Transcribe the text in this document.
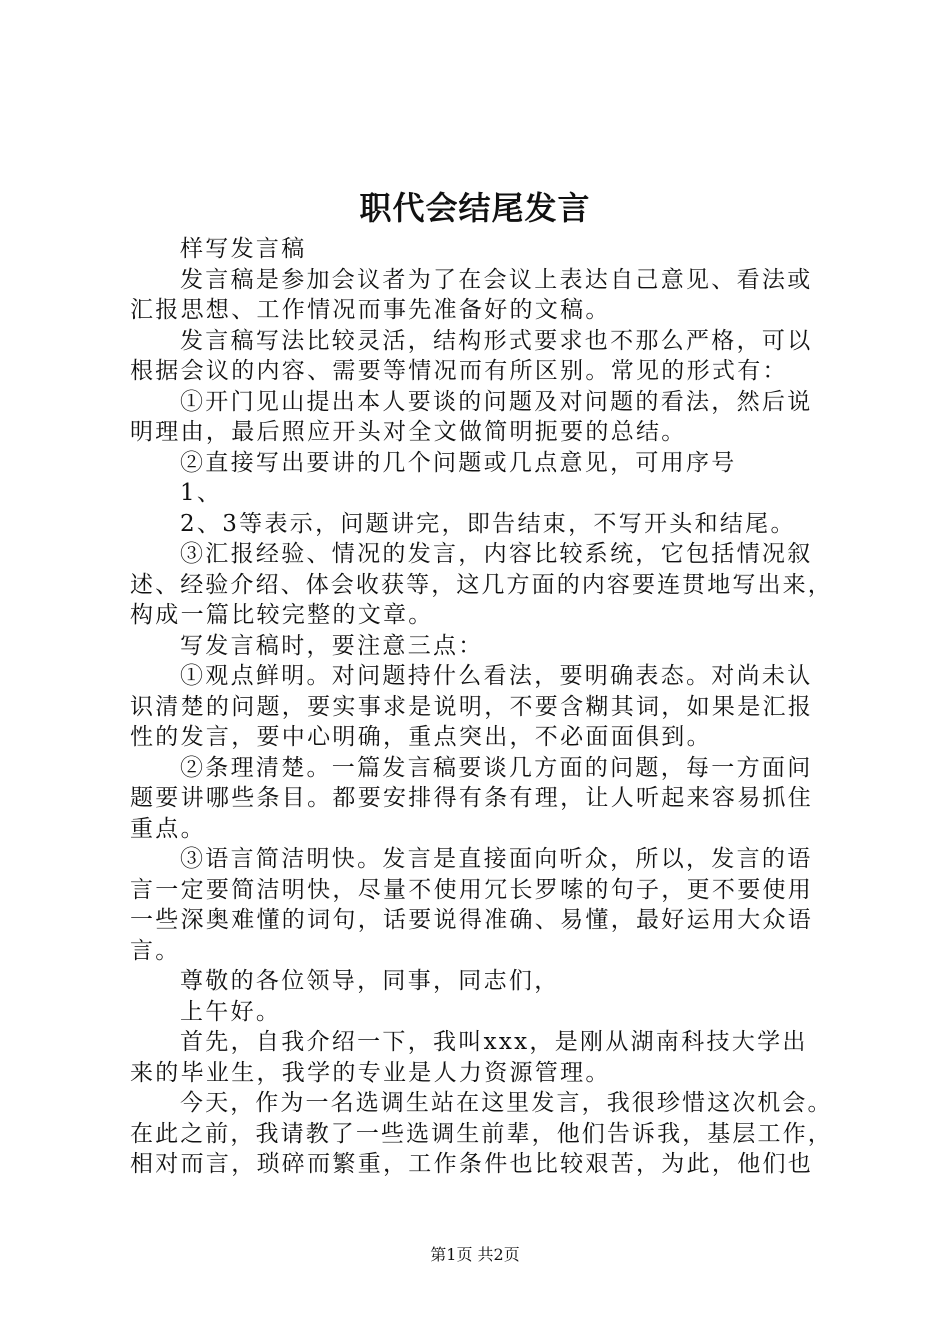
职代会结尾发言
样写发言稿
发言稿是参加会议者为了在会议上表达自己意见、看法或
汇报思想、工作情况而事先准备好的文稿。
发言稿写法比较灵活，结构形式要求也不那么严格，可以
根据会议的内容、需要等情况而有所区别。常见的形式有：
①开门见山提出本人要谈的问题及对问题的看法，然后说
明理由，最后照应开头对全文做简明扼要的总结。
②直接写出要讲的几个问题或几点意见，可用序号
1、
2、3等表示，问题讲完，即告结束，不写开头和结尾。
③汇报经验、情况的发言，内容比较系统，它包括情况叙
述、经验介绍、体会收获等，这几方面的内容要连贯地写出来，
构成一篇比较完整的文章。
写发言稿时，要注意三点：
①观点鲜明。对问题持什么看法，要明确表态。对尚未认
识清楚的问题，要实事求是说明，不要含糊其词，如果是汇报
性的发言，要中心明确，重点突出，不必面面俱到。
②条理清楚。一篇发言稿要谈几方面的问题，每一方面问
题要讲哪些条目。都要安排得有条有理，让人听起来容易抓住
重点。
③语言简洁明快。发言是直接面向听众，所以，发言的语
言一定要简洁明快，尽量不使用冗长罗嗦的句子，更不要使用
一些深奥难懂的词句，话要说得准确、易懂，最好运用大众语
言。
尊敬的各位领导，同事，同志们，
上午好。
首先，自我介绍一下，我叫xxx，是刚从湖南科技大学出
来的毕业生，我学的专业是人力资源管理。
今天，作为一名选调生站在这里发言，我很珍惜这次机会。
在此之前，我请教了一些选调生前辈，他们告诉我，基层工作，
相对而言，琐碎而繁重，工作条件也比较艰苦，为此，他们也
第1页 共2页
